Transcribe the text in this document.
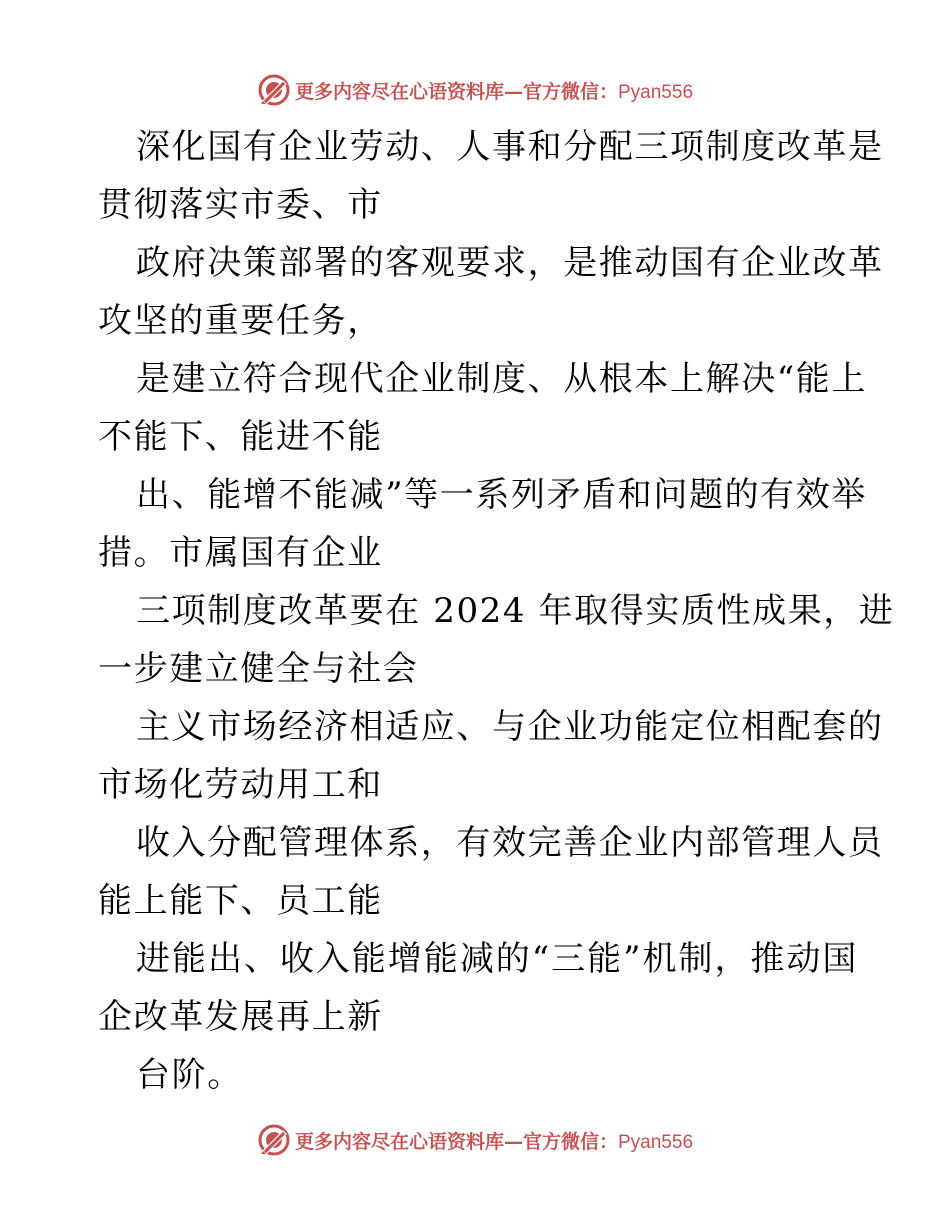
更多内容尽在心语资料库—官方微信：Pyan556
深化国有企业劳动、人事和分配三项制度改革是
贯彻落实市委、市
政府决策部署的客观要求，是推动国有企业改革
攻坚的重要任务，
是建立符合现代企业制度、从根本上解决“能上
不能下、能进不能
出、能增不能减”等一系列矛盾和问题的有效举
措。市属国有企业
三项制度改革要在 2024 年取得实质性成果，进
一步建立健全与社会
主义市场经济相适应、与企业功能定位相配套的
市场化劳动用工和
收入分配管理体系，有效完善企业内部管理人员
能上能下、员工能
进能出、收入能增能减的“三能”机制，推动国
企改革发展再上新
台阶。
更多内容尽在心语资料库—官方微信：Pyan556
